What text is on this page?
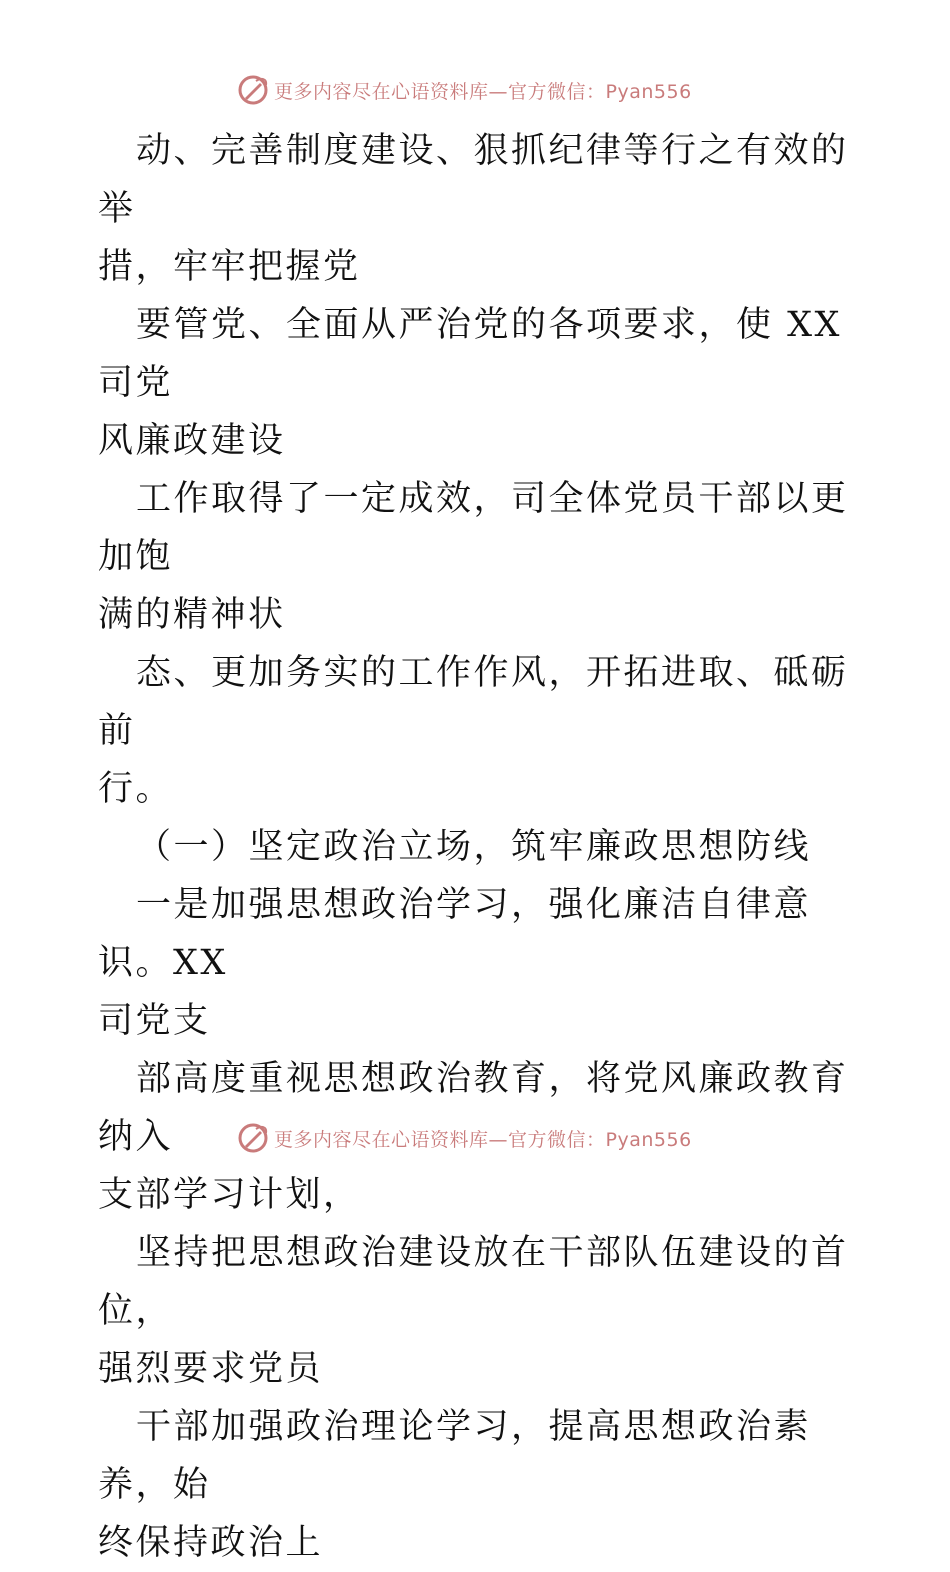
更多内容尽在心语资料库—官方微信：Pyan556

动、完善制度建设、狠抓纪律等行之有效的举
措，牢牢把握党

要管党、全面从严治党的各项要求，使 XX 司党
风廉政建设

工作取得了一定成效，司全体党员干部以更加饱
满的精神状

态、更加务实的工作作风，开拓进取、砥砺前
行。

（一）坚定政治立场，筑牢廉政思想防线

一是加强思想政治学习，强化廉洁自律意识。XX
司党支

部高度重视思想政治教育，将党风廉政教育纳入
支部学习计划，

坚持把思想政治建设放在干部队伍建设的首位，
强烈要求党员

干部加强政治理论学习，提高思想政治素养，始
终保持政治上

更多内容尽在心语资料库—官方微信：Pyan556
